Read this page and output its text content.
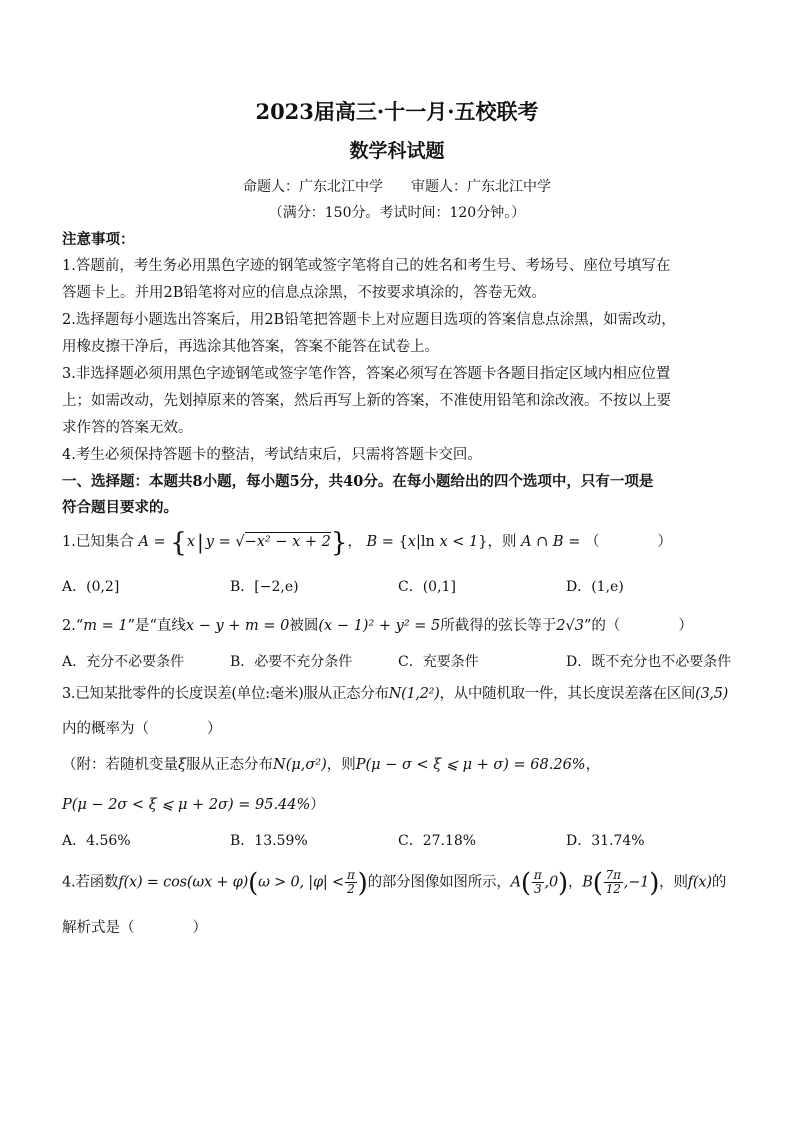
2023届高三·十一月·五校联考
数学科试题
命题人：广东北江中学　　审题人：广东北江中学
（满分：150分。考试时间：120分钟。）
注意事项：
1.答题前，考生务必用黑色字迹的钢笔或签字笔将自己的姓名和考生号、考场号、座位号填写在
答题卡上。并用2B铅笔将对应的信息点涂黑，不按要求填涂的，答卷无效。
2.选择题每小题选出答案后，用2B铅笔把答题卡上对应题目选项的答案信息点涂黑，如需改动，
用橡皮擦干净后，再选涂其他答案，答案不能答在试卷上。
3.非选择题必须用黑色字迹钢笔或签字笔作答，答案必须写在答题卡各题目指定区域内相应位置
上；如需改动，先划掉原来的答案，然后再写上新的答案，不准使用铅笔和涂改液。不按以上要
求作答的答案无效。
4.考生必须保持答题卡的整洁，考试结束后，只需将答题卡交回。
一、选择题：本题共8小题，每小题5分，共40分。在每小题给出的四个选项中，只有一项是
符合题目要求的。
1.已知集合 A = {x | y = √−x² − x + 2}， B = {x|ln x < 1}，则 A ∩ B = （　　　　）
A．(0,2]	B．[−2,e)	C．(0,1]	D．(1,e)
2.“m = 1”是“直线x − y + m = 0被圆(x − 1)² + y² = 5所截得的弦长等于2√3”的（　　　　）
A．充分不必要条件	B．必要不充分条件	C．充要条件	D．既不充分也不必要条件
3.已知某批零件的长度误差(单位:毫米)服从正态分布N(1,2²)，从中随机取一件，其长度误差落在区间(3,5)
内的概率为（　　　　）
（附：若随机变量ξ服从正态分布N(μ,σ²)，则P(μ − σ < ξ ⩽ μ + σ) = 68.26%，
P(μ − 2σ < ξ ⩽ μ + 2σ) = 95.44%）
A．4.56%	B．13.59%	C．27.18%	D．31.74%
4.若函数f(x) = cos(ωx + φ)(ω > 0, $|\varphi| < \frac{\pi}{2}$ )的部分图像如图所示，$A( \frac{\pi}{3} ,0)$，$B( \frac{7\pi}{12} ,-1)$，则f(x)的
解析式是（　　　　）
